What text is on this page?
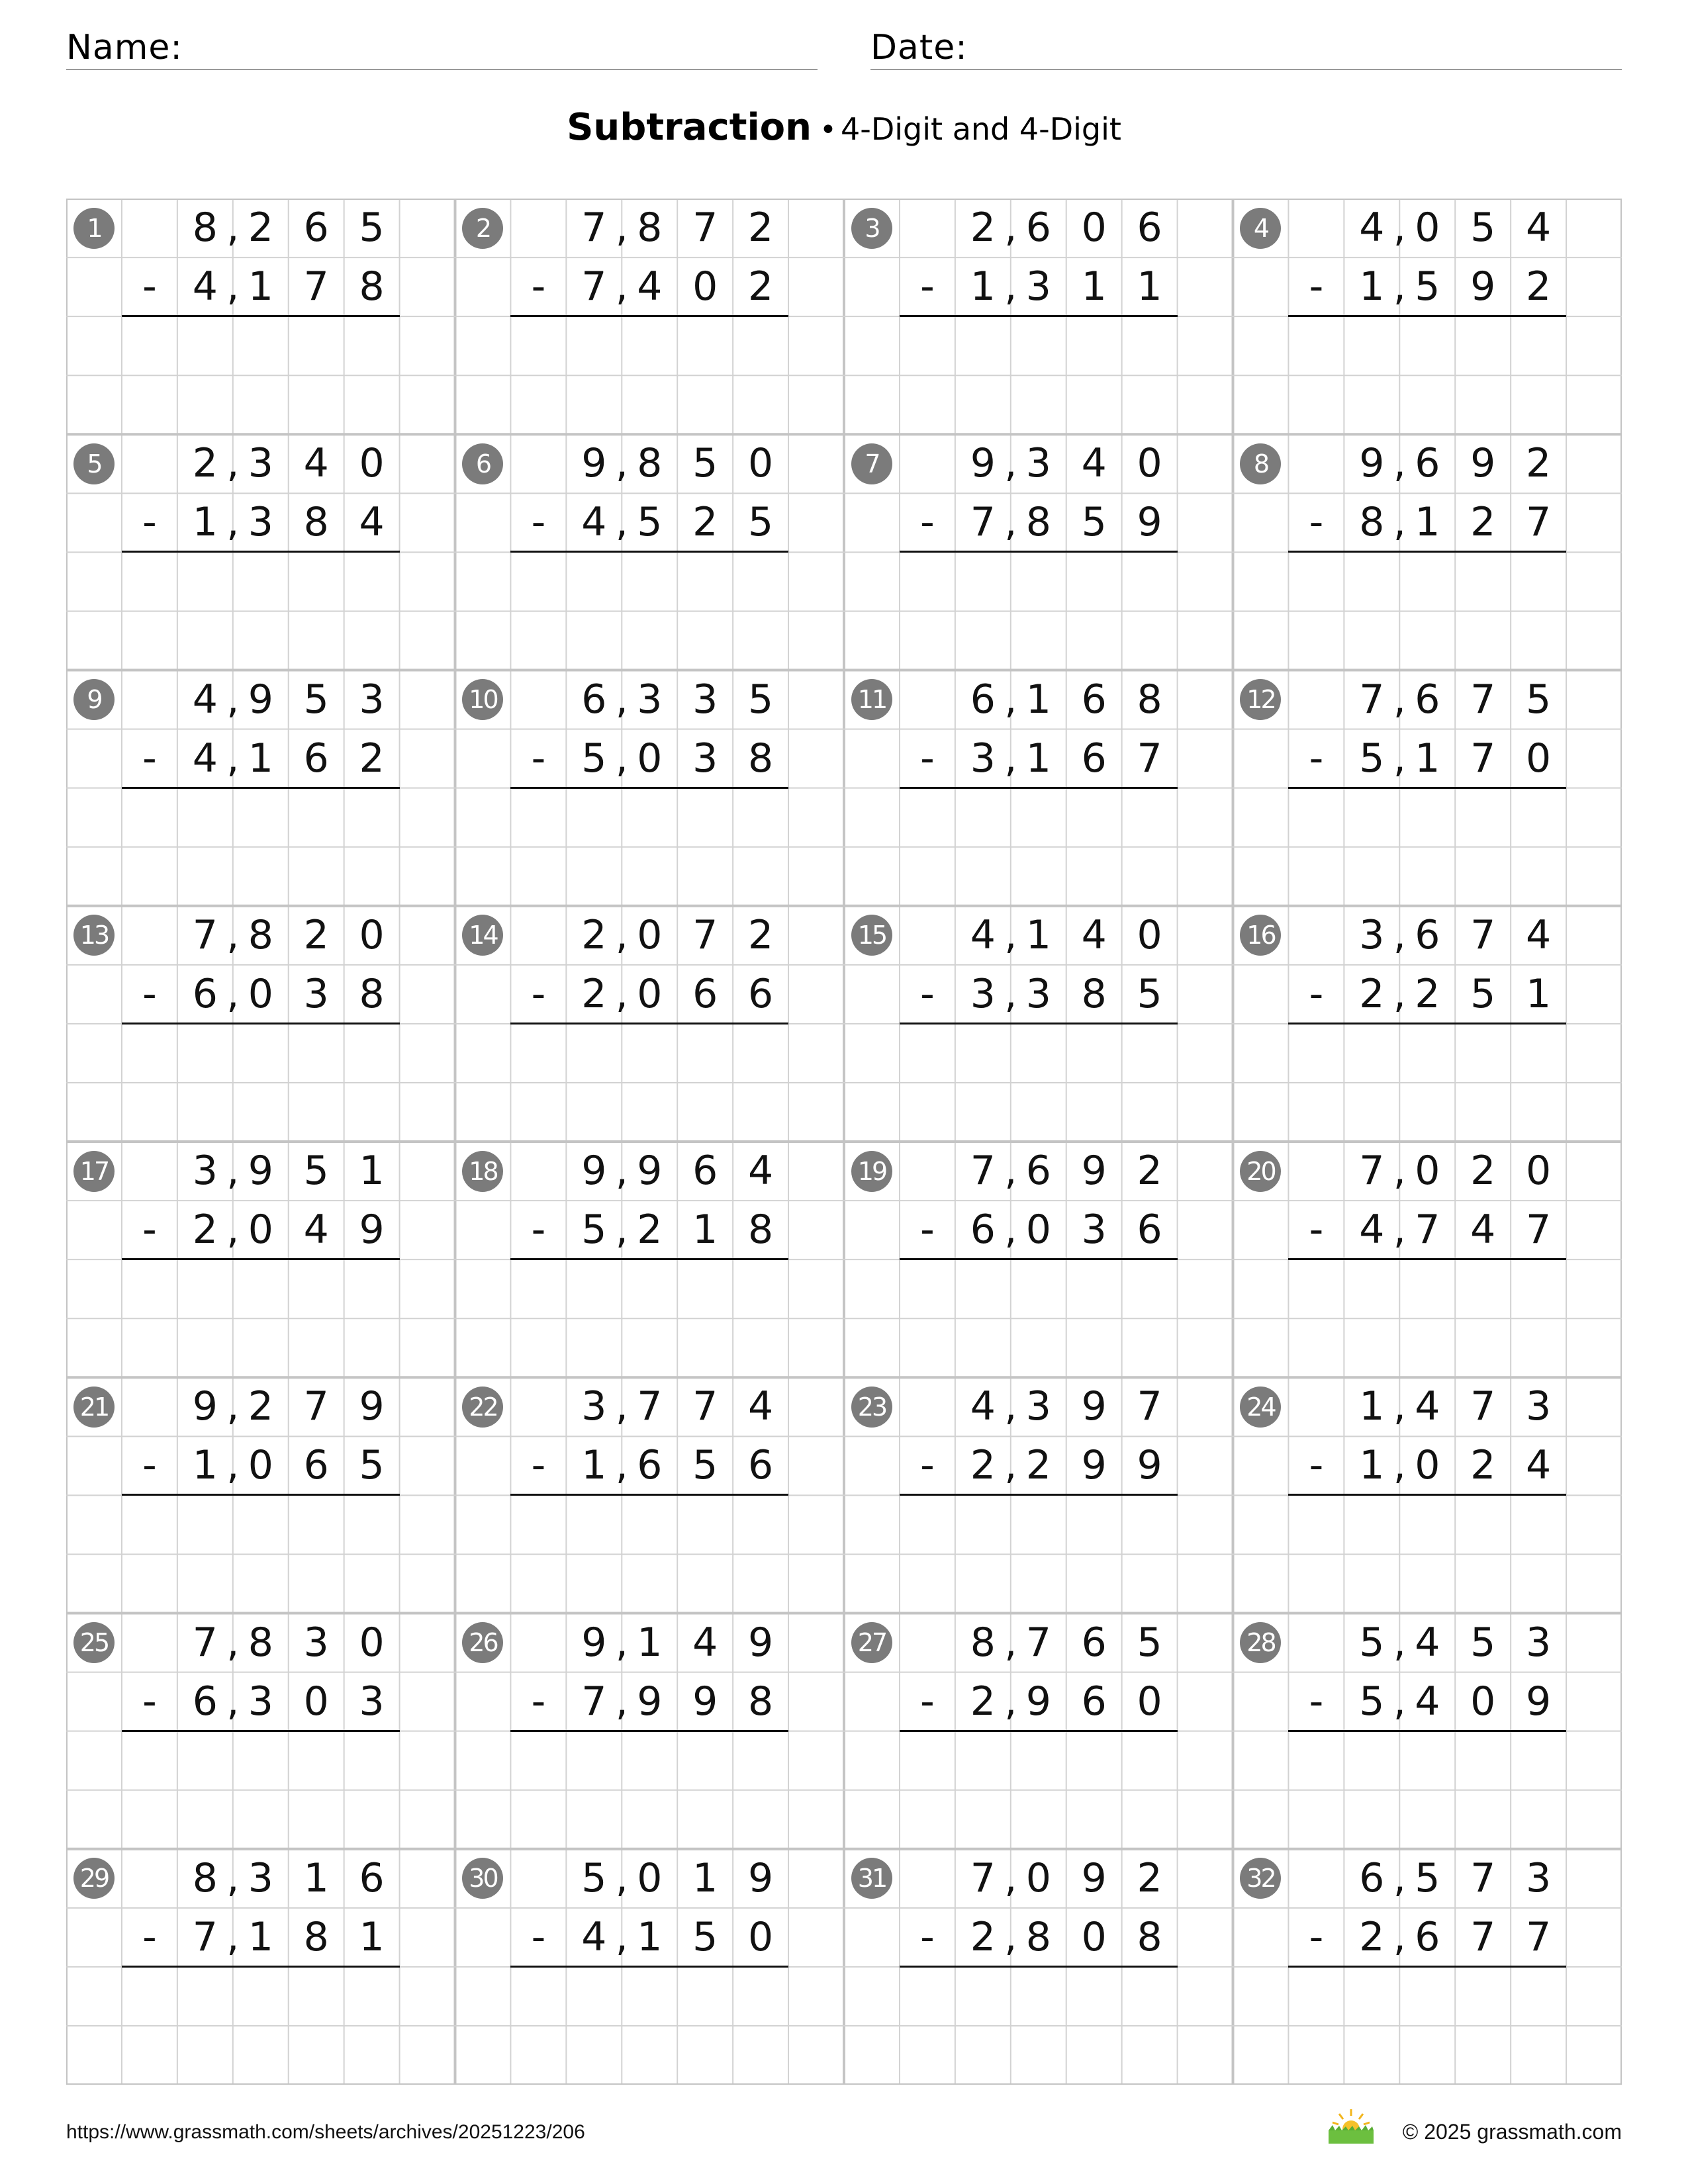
Name:	Date:
Subtraction • 4-Digit and 4-Digit
1	8 2 6 5
,
- 4 1 7 8
,
2	7 8 7 2
,
- 7 4 0 2
,
3	2 6 0 6
,
- 1 3 1 1
,
4	4 0 5 4
,
- 1 5 9 2
,
5	2 3 4 0
,
- 1 3 8 4
,
6	9 8 5 0
,
- 4 5 2 5
,
7	9 3 4 0
,
- 7 8 5 9
,
8	9 6 9 2
,
- 8 1 2 7
,
9	4 9 5 3
,
- 4 1 6 2
,
10	6 3 3 5
,
- 5 0 3 8
,
11	6 1 6 8
,
- 3 1 6 7
,
12	7 6 7 5
,
- 5 1 7 0
,
13	7 8 2 0
,
- 6 0 3 8
,
14	2 0 7 2
,
- 2 0 6 6
,
15	4 1 4 0
,
- 3 3 8 5
,
16	3 6 7 4
,
- 2 2 5 1
,
17	3 9 5 1
,
- 2 0 4 9
,
18	9 9 6 4
,
- 5 2 1 8
,
19	7 6 9 2
,
- 6 0 3 6
,
20	7 0 2 0
,
- 4 7 4 7
,
21	9 2 7 9
,
- 1 0 6 5
,
22	3 7 7 4
,
- 1 6 5 6
,
23	4 3 9 7
,
- 2 2 9 9
,
24	1 4 7 3
,
- 1 0 2 4
,
25	7 8 3 0
,
- 6 3 0 3
,
26	9 1 4 9
,
- 7 9 9 8
,
27	8 7 6 5
,
- 2 9 6 0
,
28	5 4 5 3
,
- 5 4 0 9
,
29	8 3 1 6
,
- 7 1 8 1
,
30	5 0 1 9
,
- 4 1 5 0
,
31	7 0 9 2
,
- 2 8 0 8
,
32	6 5 7 3
,
- 2 6 7 7
,
https://www.grassmath.com/sheets/archives/20251223/206	© 2025 grassmath.com
